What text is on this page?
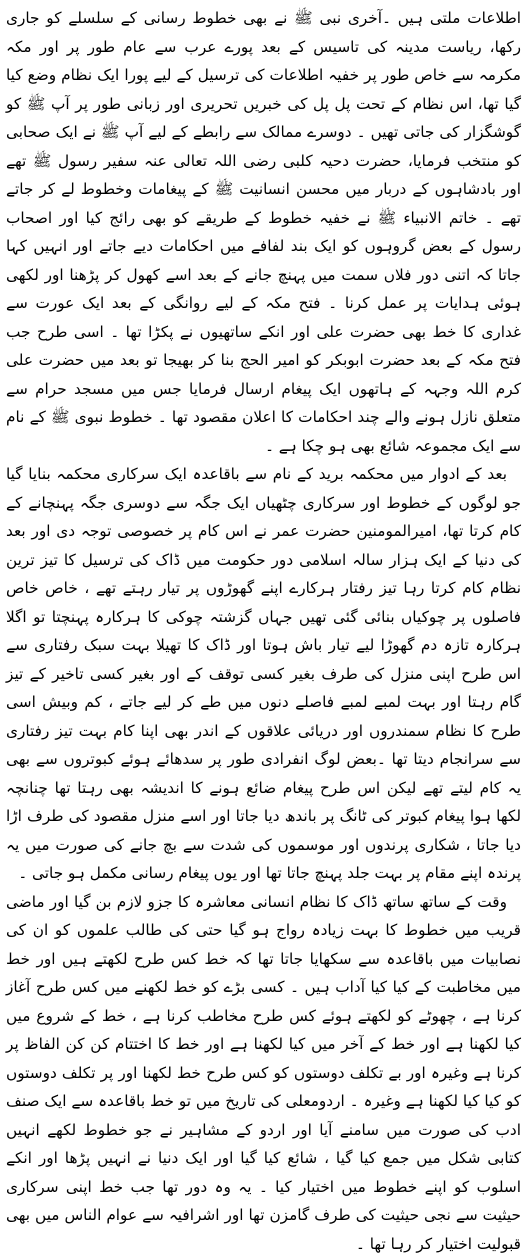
اطلاعات ملتی ہیں ۔آخری نبی ﷺ نے بھی خطوط رسانی کے سلسلے کو جاری رکھا، ریاست مدینہ کی تاسیس کے بعد پورے عرب سے عام طور پر اور مکہ مکرمہ سے خاص طور پر خفیہ اطلاعات کی ترسیل کے لیے پورا ایک نظام وضع کیا گیا تھا، اس نظام کے تحت پل پل کی خبریں تحریری اور زبانی طور پر آپ ﷺ کو گوشگزار کی جاتی تھیں ۔ دوسرے ممالک سے رابطے کے لیے آپ ﷺ نے ایک صحابی کو منتخب فرمایا، حضرت دحیہ کلبی رضی اللہ تعالی عنہ سفیر رسول ﷺ تھے اور بادشاہوں کے دربار میں محسن انسانیت ﷺ کے پیغامات وخطوط لے کر جاتے تھے ۔ خاتم الانبیاء ﷺ نے خفیہ خطوط کے طریقے کو بھی رائج کیا اور اصحاب رسول کے بعض گروہوں کو ایک بند لفافے میں احکامات دیے جاتے اور انہیں کہا جاتا کہ اتنی دور فلاں سمت میں پہنچ جانے کے بعد اسے کھول کر پڑھنا اور لکھی ہوئی ہدایات پر عمل کرنا ۔ فتح مکہ کے لیے روانگی کے بعد ایک عورت سے غداری کا خط بھی حضرت علی اور انکے ساتھیوں نے پکڑا تھا ۔ اسی طرح جب فتح مکہ کے بعد حضرت ابوبکر کو امیر الحج بنا کر بھیجا تو بعد میں حضرت علی کرم اللہ وجہہ کے ہاتھوں ایک پیغام ارسال فرمایا جس میں مسجد حرام سے متعلق نازل ہونے والے چند احکامات کا اعلان مقصود تھا ۔ خطوط نبوی ﷺ کے نام سے ایک مجموعہ شائع بھی ہو چکا ہے ۔

بعد کے ادوار میں محکمہ برید کے نام سے باقاعدہ ایک سرکاری محکمہ بنایا گیا جو لوگوں کے خطوط اور سرکاری چٹھیاں ایک جگہ سے دوسری جگہ پہنچانے کے کام کرتا تھا، امیرالمومنین حضرت عمر نے اس کام پر خصوصی توجہ دی اور بعد کی دنیا کے ایک ہزار سالہ اسلامی دور حکومت میں ڈاک کی ترسیل کا تیز ترین نظام کام کرتا رہا تیز رفتار ہرکارے اپنے گھوڑوں پر تیار رہتے تھے ، خاص خاص فاصلوں پر چوکیاں بنائی گئی تھیں جہاں گزشتہ چوکی کا ہرکارہ پہنچتا تو اگلا ہرکارہ تازہ دم گھوڑا لیے تیار باش ہوتا اور ڈاک کا تھیلا بہت سبک رفتاری سے اس طرح اپنی منزل کی طرف بغیر کسی توقف کے اور بغیر کسی تاخیر کے تیز گام رہتا اور بہت لمبے لمبے فاصلے دنوں میں طے کر لیے جاتے ، کم وبیش اسی طرح کا نظام سمندروں اور دریائی علاقوں کے اندر بھی اپنا کام بہت تیز رفتاری سے سرانجام دیتا تھا ۔بعض لوگ انفرادی طور پر سدھائے ہوئے کبوتروں سے بھی یہ کام لیتے تھے لیکن اس طرح پیغام ضائع ہونے کا اندیشہ بھی رہتا تھا چنانچہ لکھا ہوا پیغام کبوتر کی ٹانگ پر باندھ دیا جاتا اور اسے منزل مقصود کی طرف اڑا دیا جاتا ، شکاری پرندوں اور موسموں کی شدت سے بچ جانے کی صورت میں یہ پرندہ اپنے مقام پر بہت جلد پہنچ جاتا تھا اور یوں پیغام رسانی مکمل ہو جاتی ۔

وقت کے ساتھ ساتھ ڈاک کا نظام انسانی معاشرہ کا جزو لازم بن گیا اور ماضی قریب میں خطوط کا بہت زیادہ رواج ہو گیا حتی کی طالب علموں کو ان کی نصابیات میں باقاعدہ سے سکھایا جاتا تھا کہ خط کس طرح لکھتے ہیں اور خط میں مخاطبت کے کیا کیا آداب ہیں ۔ کسی بڑے کو خط لکھنے میں کس طرح آغاز کرنا ہے ، چھوٹے کو لکھتے ہوئے کس طرح مخاطب کرنا ہے ، خط کے شروع میں کیا لکھنا ہے اور خط کے آخر میں کیا لکھنا ہے اور خط کا اختتام کن کن الفاظ پر کرنا ہے وغیرہ اور بے تکلف دوستوں کو کس طرح خط لکھنا اور پر تکلف دوستوں کو کیا کیا لکھنا ہے وغیرہ ۔ اردومعلی کی تاریخ میں تو خط باقاعدہ سے ایک صنف ادب کی صورت میں سامنے آیا اور اردو کے مشاہیر نے جو خطوط لکھے انہیں کتابی شکل میں جمع کیا گیا ، شائع کیا گیا اور ایک دنیا نے انہیں پڑھا اور انکے اسلوب کو اپنے خطوط میں اختیار کیا ۔ یہ وہ دور تھا جب خط اپنی سرکاری حیثیت سے نجی حیثیت کی طرف گامزن تھا اور اشرافیہ سے عوام الناس میں بھی قبولیت اختیار کر رہا تھا ۔
